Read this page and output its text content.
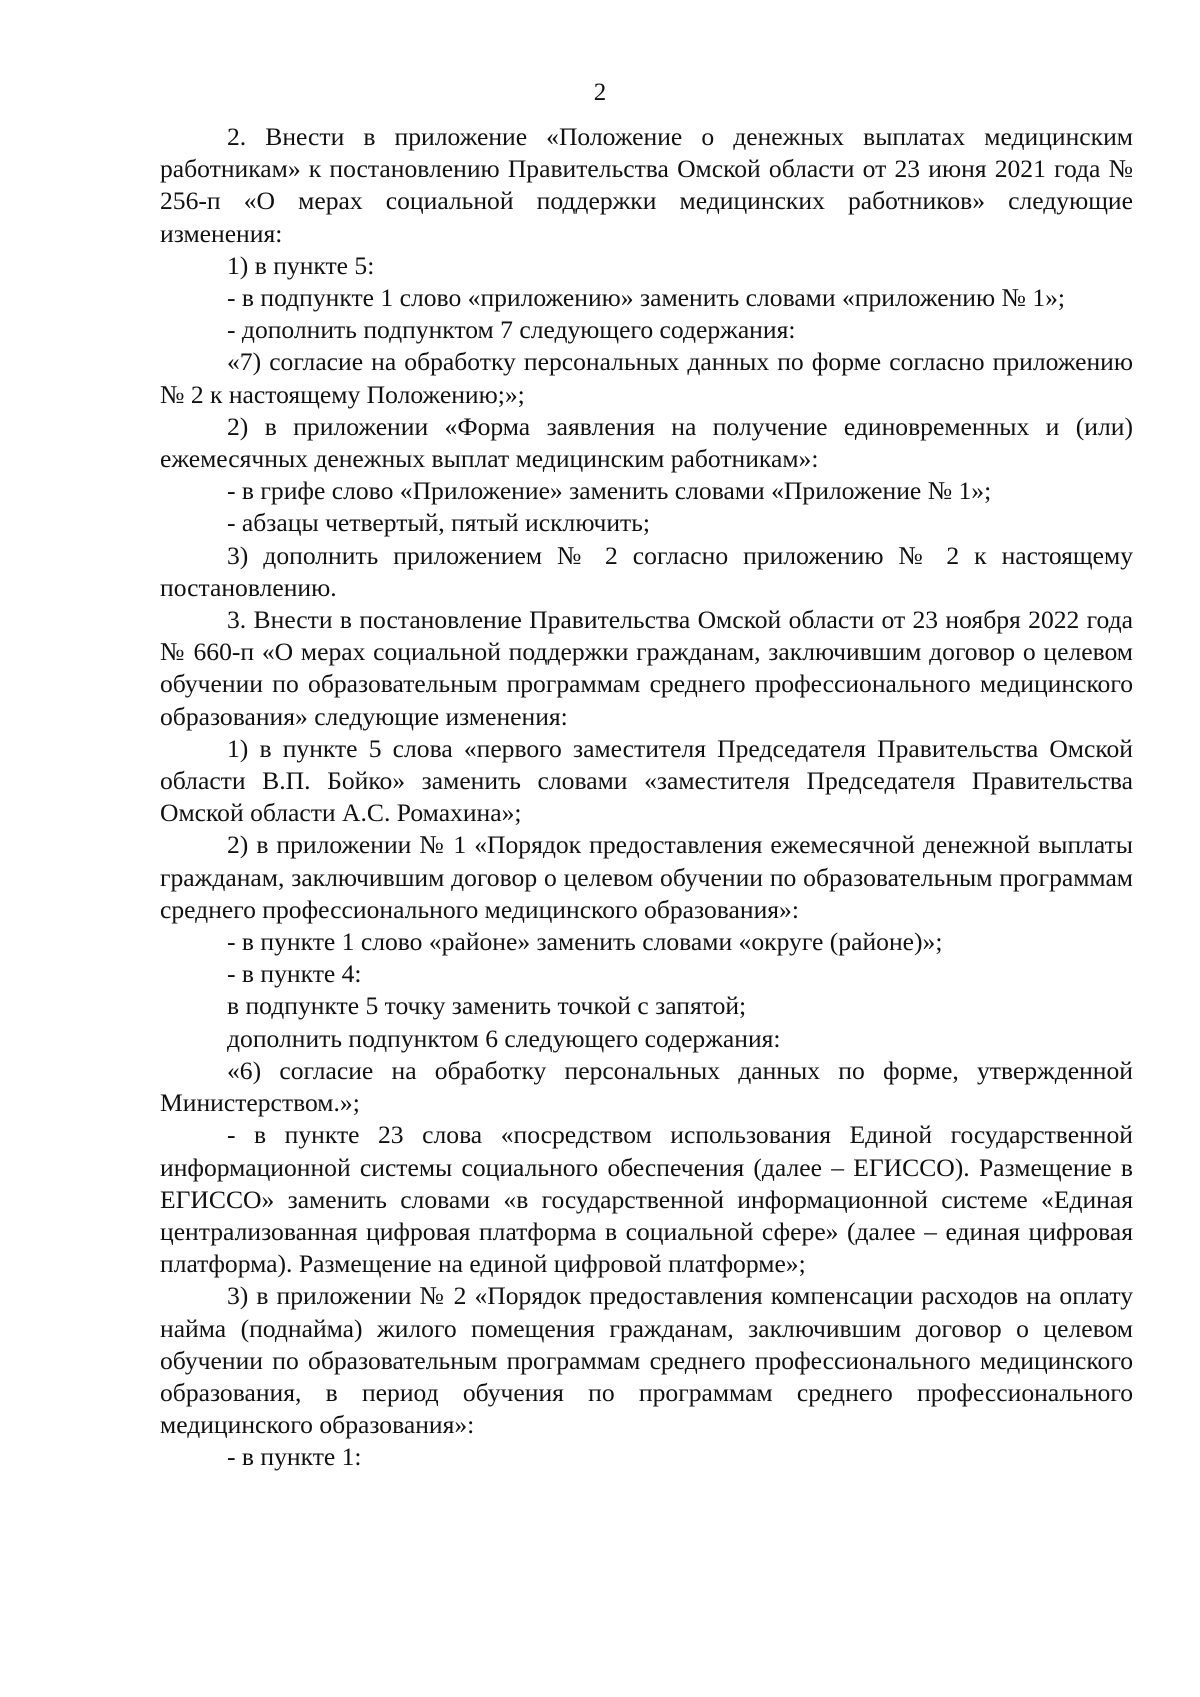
2

2. Внести в приложение «Положение о денежных выплатах медицинским работникам» к постановлению Правительства Омской области от 23 июня 2021 года № 256-п «О мерах социальной поддержки медицинских работников» следующие изменения:

1) в пункте 5:

- в подпункте 1 слово «приложению» заменить словами «приложению № 1»;

- дополнить подпунктом 7 следующего содержания:

«7) согласие на обработку персональных данных по форме согласно приложению № 2 к настоящему Положению;»;

2) в приложении «Форма заявления на получение единовременных и (или) ежемесячных денежных выплат медицинским работникам»:

- в грифе слово «Приложение» заменить словами «Приложение № 1»;

- абзацы четвертый, пятый исключить;

3) дополнить приложением № 2 согласно приложению № 2 к настоящему постановлению.

3. Внести в постановление Правительства Омской области от 23 ноября 2022 года № 660-п «О мерах социальной поддержки гражданам, заключившим договор о целевом обучении по образовательным программам среднего профессионального медицинского образования» следующие изменения:

1) в пункте 5 слова «первого заместителя Председателя Правительства Омской области В.П. Бойко» заменить словами «заместителя Председателя Правительства Омской области А.С. Ромахина»;

2) в приложении № 1 «Порядок предоставления ежемесячной денежной выплаты гражданам, заключившим договор о целевом обучении по образовательным программам среднего профессионального медицинского образования»:

- в пункте 1 слово «районе» заменить словами «округе (районе)»;

- в пункте 4:

в подпункте 5 точку заменить точкой с запятой;

дополнить подпунктом 6 следующего содержания:

«6) согласие на обработку персональных данных по форме, утвержденной Министерством.»;

- в пункте 23 слова «посредством использования Единой государственной информационной системы социального обеспечения (далее – ЕГИССО). Размещение в ЕГИССО» заменить словами «в государственной информационной системе «Единая централизованная цифровая платформа в социальной сфере» (далее – единая цифровая платформа). Размещение на единой цифровой платформе»;

3) в приложении № 2 «Порядок предоставления компенсации расходов на оплату найма (поднайма) жилого помещения гражданам, заключившим договор о целевом обучении по образовательным программам среднего профессионального медицинского образования, в период обучения по программам среднего профессионального медицинского образования»:

- в пункте 1:
